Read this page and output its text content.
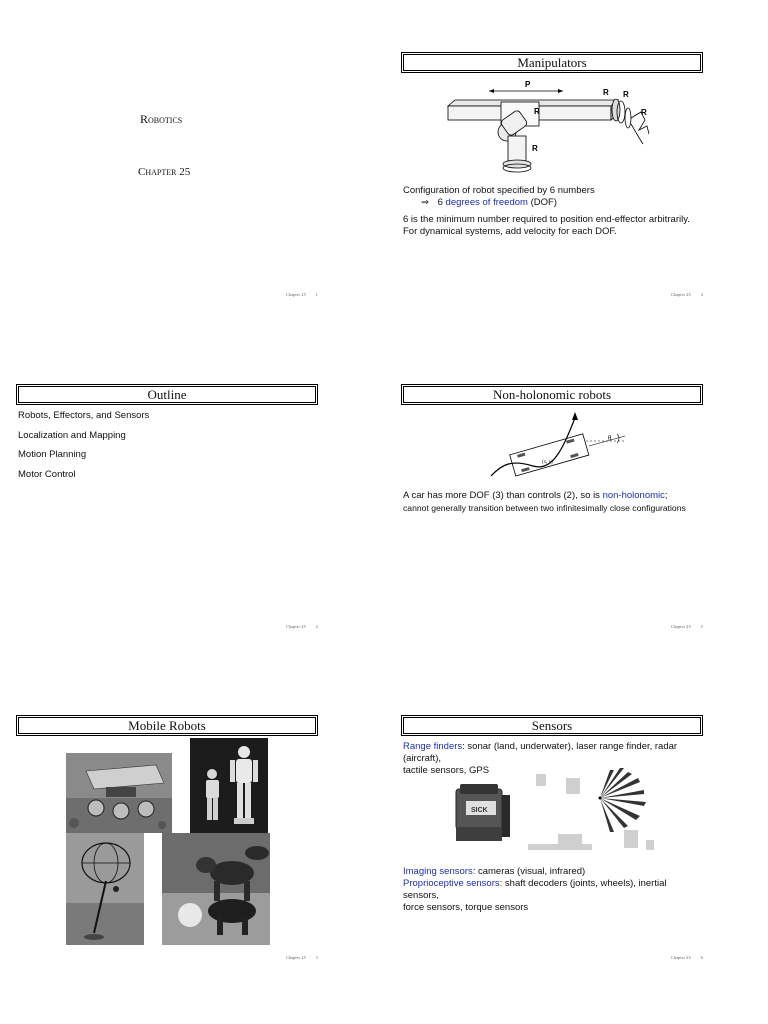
Robotics
Chapter 25
Chapter 25	1
Manipulators
P
R
R R
R
R
Configuration of robot specified by 6 numbers
⇒ 6 degrees of freedom (DOF)
6 is the minimum number required to position end-effector arbitrarily.
For dynamical systems, add velocity for each DOF.
Chapter 25	4
Outline
Robots, Effectors, and Sensors
Localization and Mapping
Motion Planning
Motor Control
Chapter 25	2
Non-holonomic robots
θ
(x, y)
A car has more DOF (3) than controls (2), so is non-holonomic;
cannot generally transition between two infinitesimally close configurations
Chapter 25	5
Mobile Robots
Chapter 25	3
Sensors
Range finders: sonar (land, underwater), laser range finder, radar (aircraft),
tactile sensors, GPS
SICK
Imaging sensors: cameras (visual, infrared)
Proprioceptive sensors: shaft decoders (joints, wheels), inertial sensors,
force sensors, torque sensors
Chapter 25	6
